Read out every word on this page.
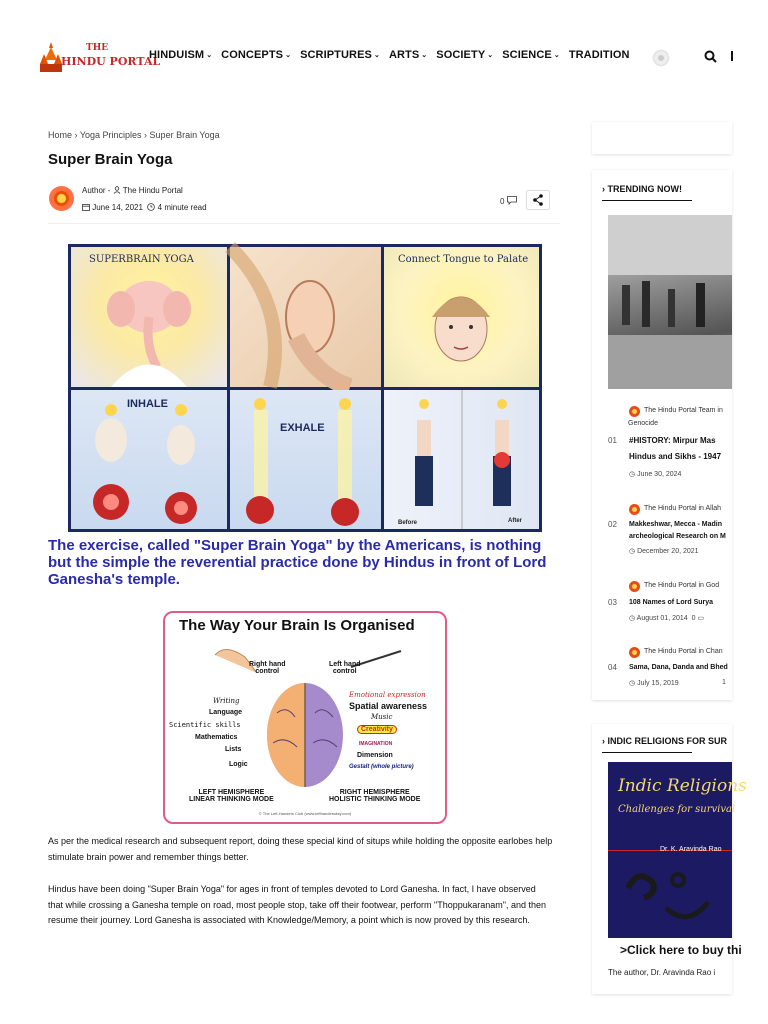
THE
HINDU PORTAL
HINDUISM ⌄ CONCEPTS ⌄ SCRIPTURES ⌄ ARTS ⌄ SOCIETY ⌄ SCIENCE ⌄ TRADITION
Home › Yoga Principles › Super Brain Yoga
Super Brain Yoga
Author -  The Hindu Portal
June 14, 2021 4 minute read
0
SUPERBRAIN YOGA	Connect Tongue to Palate
INHALE
EXHALE
Before	After

The exercise, called "Super Brain Yoga" by the Americans, is nothing but the simple the reverential practice done by Hindus in front of Lord Ganesha's temple.

The Way Your Brain Is Organised
Right hand
control
Left hand
control
Writing
Language
Scientific skills
Mathematics
Lists
Logic
Emotional expression
Spatial awareness
Music
Creativity
IMAGINATION
Dimension
Gestalt (whole picture)
LEFT HEMISPHERE
LINEAR THINKING MODE
RIGHT HEMISPHERE
HOLISTIC THINKING MODE
© The Left-Handers Club (www.lefthandersday.com)

As per the medical research and subsequent report, doing these special kind of situps while holding the opposite earlobes help stimulate brain power and remember things better.

Hindus have been doing "Super Brain Yoga" for ages in front of temples devoted to Lord Ganesha. In fact, I have observed that while crossing a Ganesha temple on road, most people stop, take off their footwear, perform "Thoppukaranam", and then resume their journey. Lord Ganesha is associated with Knowledge/Memory, a point which is now proved by this research.

› TRENDING NOW!
The Hindu Portal Team in
Genocide
01 #HISTORY: Mirpur Mas
Hindus and Sikhs - 1947
◷ June 30, 2024
The Hindu Portal in Allah
02 Makkeshwar, Mecca - Madin
archeological Research on M
◷ December 20, 2021
The Hindu Portal in God
03 108 Names of Lord Surya
◷ August 01, 2014 0 ▭
The Hindu Portal in Chan
04 Sama, Dana, Danda and Bhed
◷ July 15, 2019	1
› INDIC RELIGIONS FOR SUR
Indic Religions
Challenges for survival
Dr. K. Aravinda Rao
>Click here to buy thi
The author, Dr. Aravinda Rao i
